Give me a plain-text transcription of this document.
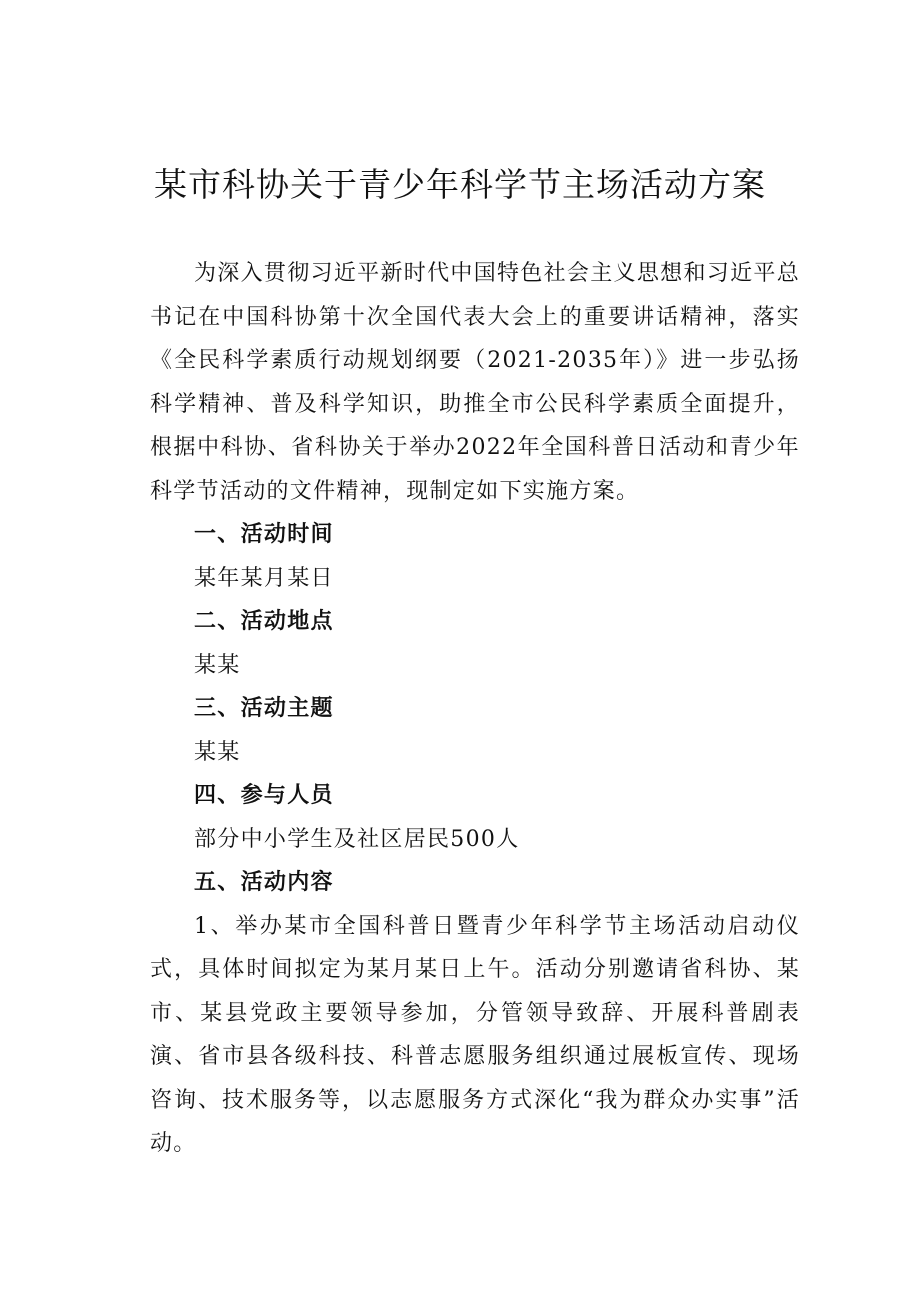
某市科协关于青少年科学节主场活动方案

为深入贯彻习近平新时代中国特色社会主义思想和习近平总书记在中国科协第十次全国代表大会上的重要讲话精神，落实《全民科学素质行动规划纲要（2021-2035年）》进一步弘扬科学精神、普及科学知识，助推全市公民科学素质全面提升，根据中科协、省科协关于举办2022年全国科普日活动和青少年科学节活动的文件精神，现制定如下实施方案。

一、活动时间

某年某月某日

二、活动地点

某某

三、活动主题

某某

四、参与人员

部分中小学生及社区居民500人

五、活动内容

1、举办某市全国科普日暨青少年科学节主场活动启动仪式，具体时间拟定为某月某日上午。活动分别邀请省科协、某市、某县党政主要领导参加，分管领导致辞、开展科普剧表演、省市县各级科技、科普志愿服务组织通过展板宣传、现场咨询、技术服务等，以志愿服务方式深化“我为群众办实事”活动。
